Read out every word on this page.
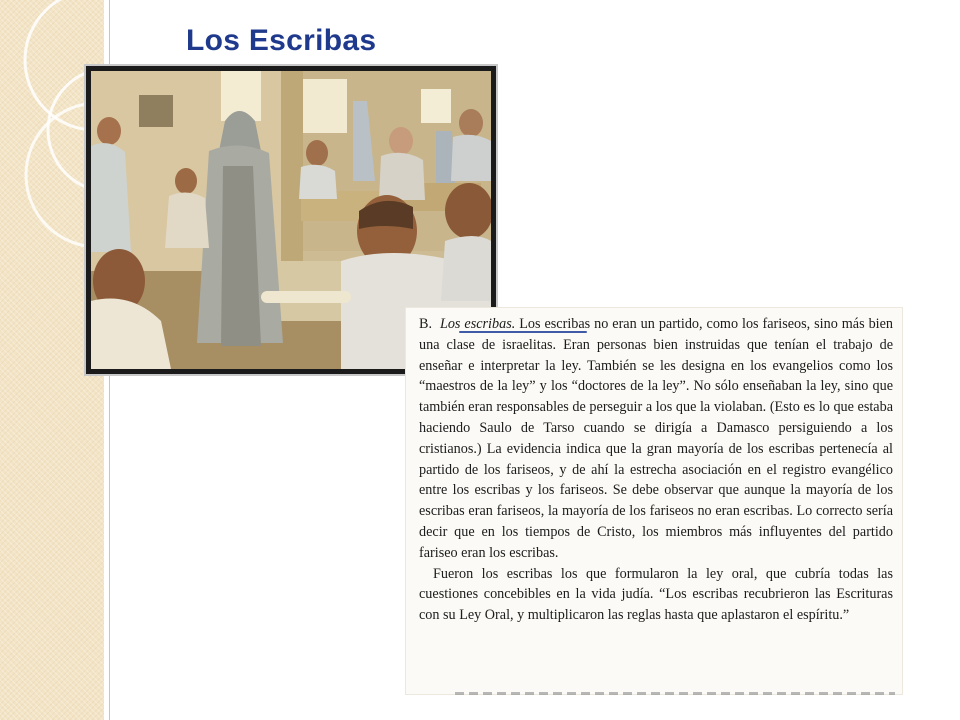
Los Escribas

B. Los escribas. Los escribas no eran un partido, como los fariseos, sino más bien una clase de israelitas. Eran personas bien instruidas que tenían el trabajo de enseñar e interpretar la ley. También se les designa en los evangelios como los “maestros de la ley” y los “doctores de la ley”. No sólo enseñaban la ley, sino que también eran responsables de perseguir a los que la violaban. (Esto es lo que estaba haciendo Saulo de Tarso cuando se dirigía a Damasco persiguiendo a los cristianos.) La evidencia indica que la gran mayoría de los escribas pertenecía al partido de los fariseos, y de ahí la estrecha asociación en el registro evangélico entre los escribas y los fariseos. Se debe observar que aunque la mayoría de los escribas eran fariseos, la mayoría de los fariseos no eran escribas. Lo correcto sería decir que en los tiempos de Cristo, los miembros más influyentes del partido fariseo eran los escribas.

Fueron los escribas los que formularon la ley oral, que cubría todas las cuestiones concebibles en la vida judía. “Los escribas recubrieron las Escrituras con su Ley Oral, y multiplicaron las reglas hasta que aplastaron el espíritu.”
